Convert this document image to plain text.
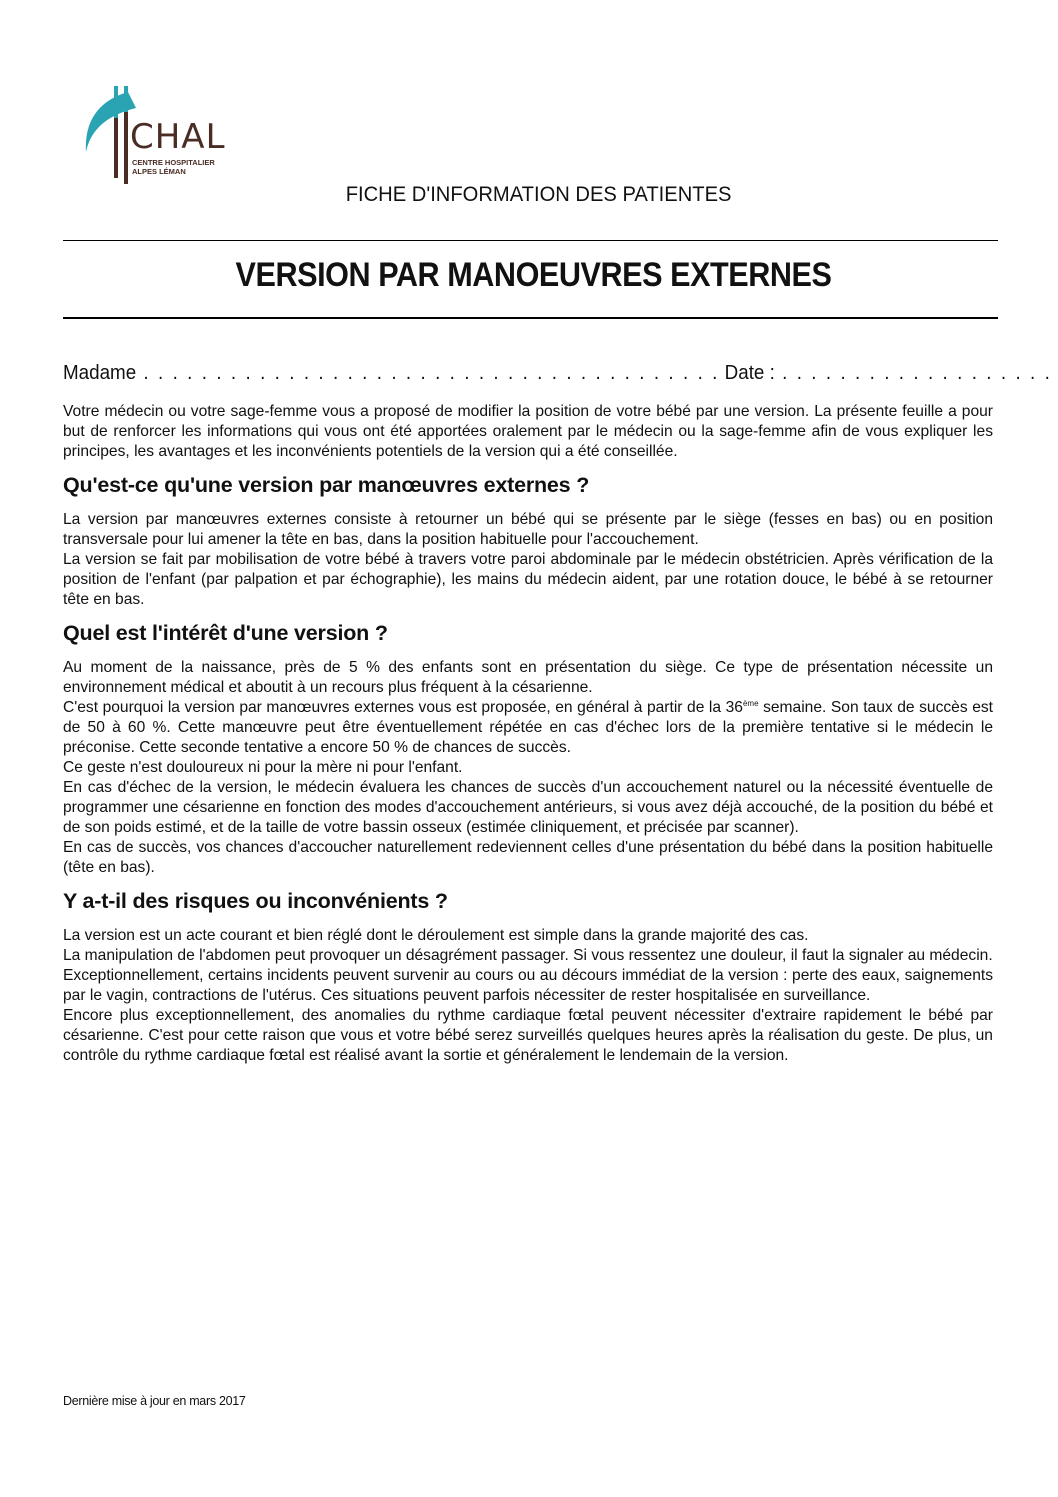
CHAL
CENTRE HOSPITALIER
ALPES LÉMAN
FICHE D'INFORMATION DES PATIENTES
VERSION PAR MANOEUVRES EXTERNES
Madame . . . . . . . . . . . . . . . . . . . . . . . . . . . . . . . . . . . . . . . . Date : . . . . . . . . . . . . . . . . . . .

Votre médecin ou votre sage-femme vous a proposé de modifier la position de votre bébé par une version. La présente feuille a pour but de renforcer les informations qui vous ont été apportées oralement par le médecin ou la sage-femme afin de vous expliquer les principes, les avantages et les inconvénients potentiels de la version qui a été conseillée.

Qu'est-ce qu'une version par manœuvres externes ?

La version par manœuvres externes consiste à retourner un bébé qui se présente par le siège (fesses en bas) ou en position transversale pour lui amener la tête en bas, dans la position habituelle pour l'accouchement.

La version se fait par mobilisation de votre bébé à travers votre paroi abdominale par le médecin obstétricien. Après vérification de la position de l'enfant (par palpation et par échographie), les mains du médecin aident, par une rotation douce, le bébé à se retourner tête en bas.

Quel est l'intérêt d'une version ?

Au moment de la naissance, près de 5 % des enfants sont en présentation du siège. Ce type de présentation nécessite un environnement médical et aboutit à un recours plus fréquent à la césarienne.

C'est pourquoi la version par manœuvres externes vous est proposée, en général à partir de la 36ème semaine. Son taux de succès est de 50 à 60 %. Cette manœuvre peut être éventuellement répétée en cas d'échec lors de la première tentative si le médecin le préconise. Cette seconde tentative a encore 50 % de chances de succès.

Ce geste n'est douloureux ni pour la mère ni pour l'enfant.

En cas d'échec de la version, le médecin évaluera les chances de succès d'un accouchement naturel ou la nécessité éventuelle de programmer une césarienne en fonction des modes d'accouchement antérieurs, si vous avez déjà accouché, de la position du bébé et de son poids estimé, et de la taille de votre bassin osseux (estimée cliniquement, et précisée par scanner).

En cas de succès, vos chances d'accoucher naturellement redeviennent celles d'une présentation du bébé dans la position habituelle (tête en bas).

Y a-t-il des risques ou inconvénients ?

La version est un acte courant et bien réglé dont le déroulement est simple dans la grande majorité des cas.

La manipulation de l'abdomen peut provoquer un désagrément passager. Si vous ressentez une douleur, il faut la signaler au médecin.

Exceptionnellement, certains incidents peuvent survenir au cours ou au décours immédiat de la version : perte des eaux, saignements par le vagin, contractions de l'utérus. Ces situations peuvent parfois nécessiter de rester hospitalisée en surveillance.

Encore plus exceptionnellement, des anomalies du rythme cardiaque fœtal peuvent nécessiter d'extraire rapidement le bébé par césarienne. C'est pour cette raison que vous et votre bébé serez surveillés quelques heures après la réalisation du geste. De plus, un contrôle du rythme cardiaque fœtal est réalisé avant la sortie et généralement le lendemain de la version.

Dernière mise à jour en mars 2017
